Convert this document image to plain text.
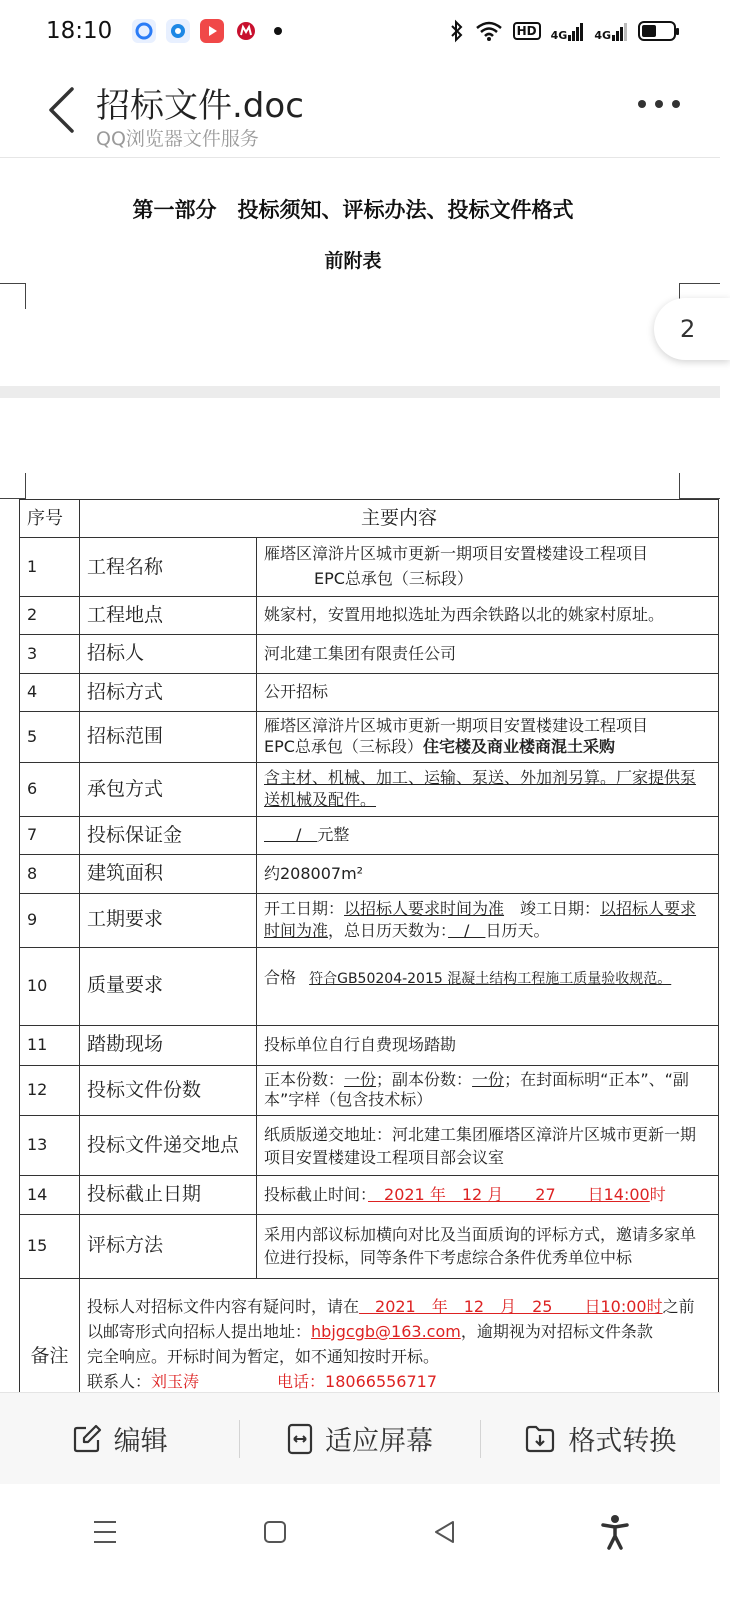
18:10	HD	4G 4G
招标文件.doc
QQ浏览器文件服务
第一部分　投标须知、评标办法、投标文件格式
前附表
2
序号	主要内容	
1	工程名称	雁塔区漳浒片区城市更新一期项目安置楼建设工程项目
EPC总承包（三标段）

2	工程地点	姚家村，安置用地拟选址为西余铁路以北的姚家村原址。
3	招标人	河北建工集团有限责任公司
4	招标方式	公开招标
5	招标范围	雁塔区漳浒片区城市更新一期项目安置楼建设工程项目
EPC总承包（三标段）住宅楼及商业楼商混土采购

6	承包方式	含主材、机械、加工、运输、泵送、外加剂另算。厂家提供泵送机械及配件。
7	投标保证金	　　/　元整
8	建筑面积	约208007m²
9	工期要求	开工日期：以招标人要求时间为准　竣工日期：以招标人要求时间为准，总日历天数为：　/　日历天。
10	质量要求	合格 符合GB50204-2015 混凝土结构工程施工质量验收规范。
11	踏勘现场	投标单位自行自费现场踏勘
12	投标文件份数	正本份数：一份；副本份数：一份；在封面标明“正本”、“副本”字样（包含技术标）
13	投标文件递交地点	纸质版递交地址：河北建工集团雁塔区漳浒片区城市更新一期项目安置楼建设工程项目部会议室
14	投标截止日期	投标截止时间：　2021 年　12 月　　27　　日14:00时
15	评标方法	采用内部议标加横向对比及当面质询的评标方式，邀请多家单位进行投标，同等条件下考虑综合条件优秀单位中标
备注	投标人对招标文件内容有疑问时，请在　2021　年　12　月　25　　日10:00时之前
以邮寄形式向招标人提出地址：hbjgcgb@163.com，逾期视为对招标文件条款
完全响应。开标时间为暂定，如不通知按时开标。
联系人：刘玉涛 电话：18066556717	
编辑	适应屏幕	格式转换
